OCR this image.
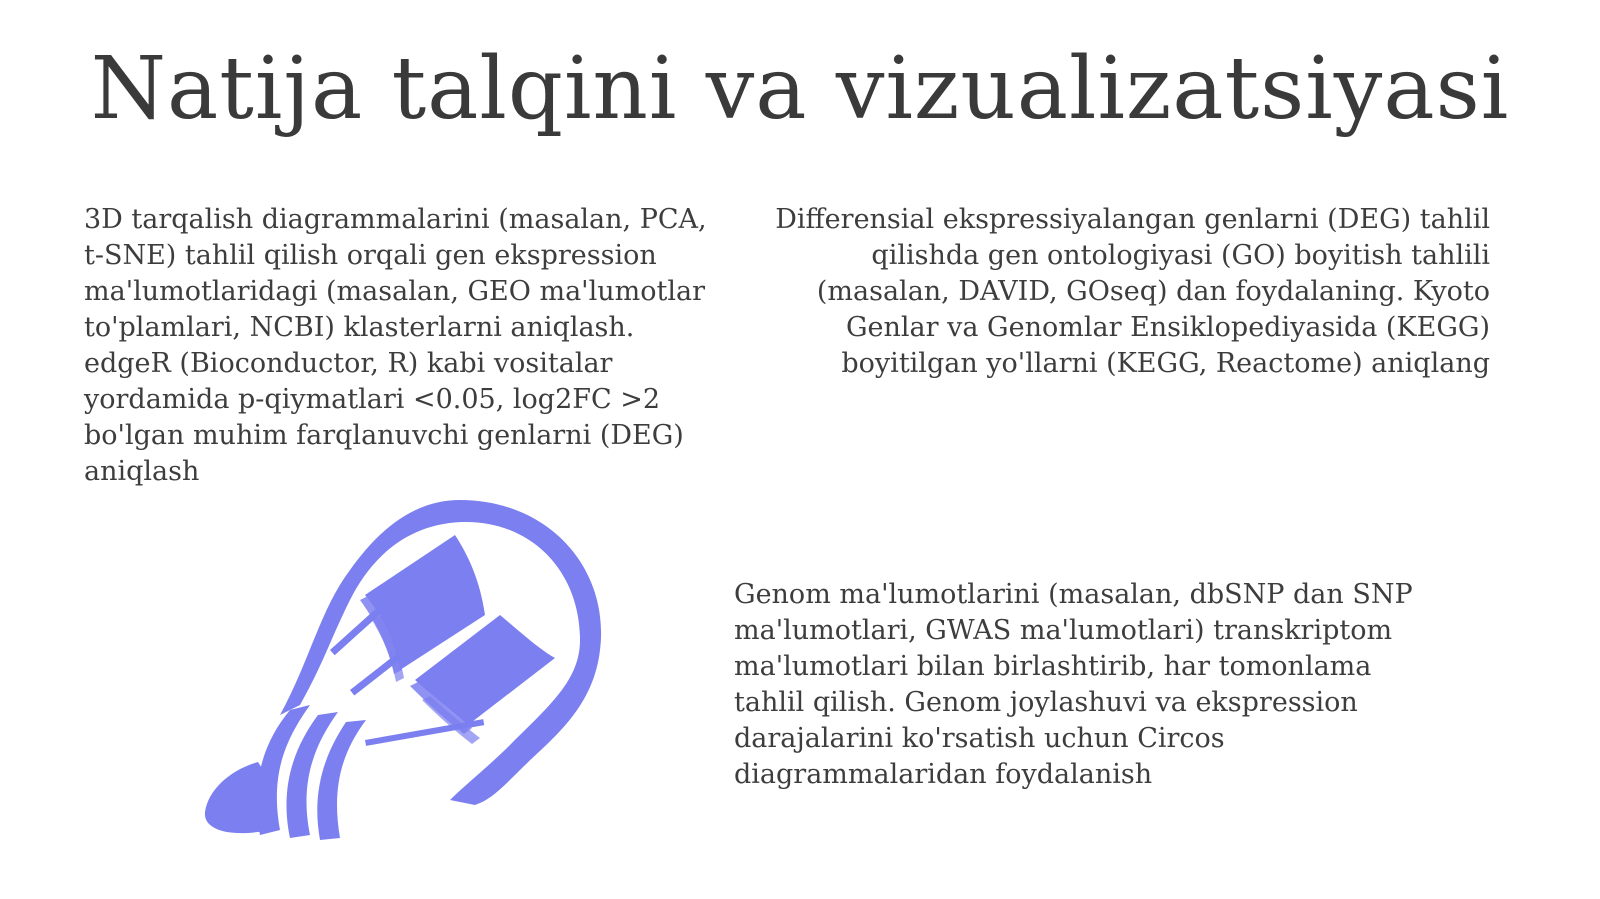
Natija talqini va vizualizatsiyasi

3D tarqalish diagrammalarini (masalan, PCA, t-SNE) tahlil qilish orqali gen ekspression ma'lumotlaridagi (masalan, GEO ma'lumotlar to'plamlari, NCBI) klasterlarni aniqlash. edgeR (Bioconductor, R) kabi vositalar yordamida p-qiymatlari <0.05, log2FC >2 bo'lgan muhim farqlanuvchi genlarni (DEG) aniqlash

Differensial ekspressiyalangan genlarni (DEG) tahlil qilishda gen ontologiyasi (GO) boyitish tahlili (masalan, DAVID, GOseq) dan foydalaning. Kyoto Genlar va Genomlar Ensiklopediyasida (KEGG) boyitilgan yo'llarni (KEGG, Reactome) aniqlang

Genom ma'lumotlarini (masalan, dbSNP dan SNP ma'lumotlari, GWAS ma'lumotlari) transkriptom ma'lumotlari bilan birlashtirib, har tomonlama tahlil qilish. Genom joylashuvi va ekspression darajalarini ko'rsatish uchun Circos diagrammalaridan foydalanish
